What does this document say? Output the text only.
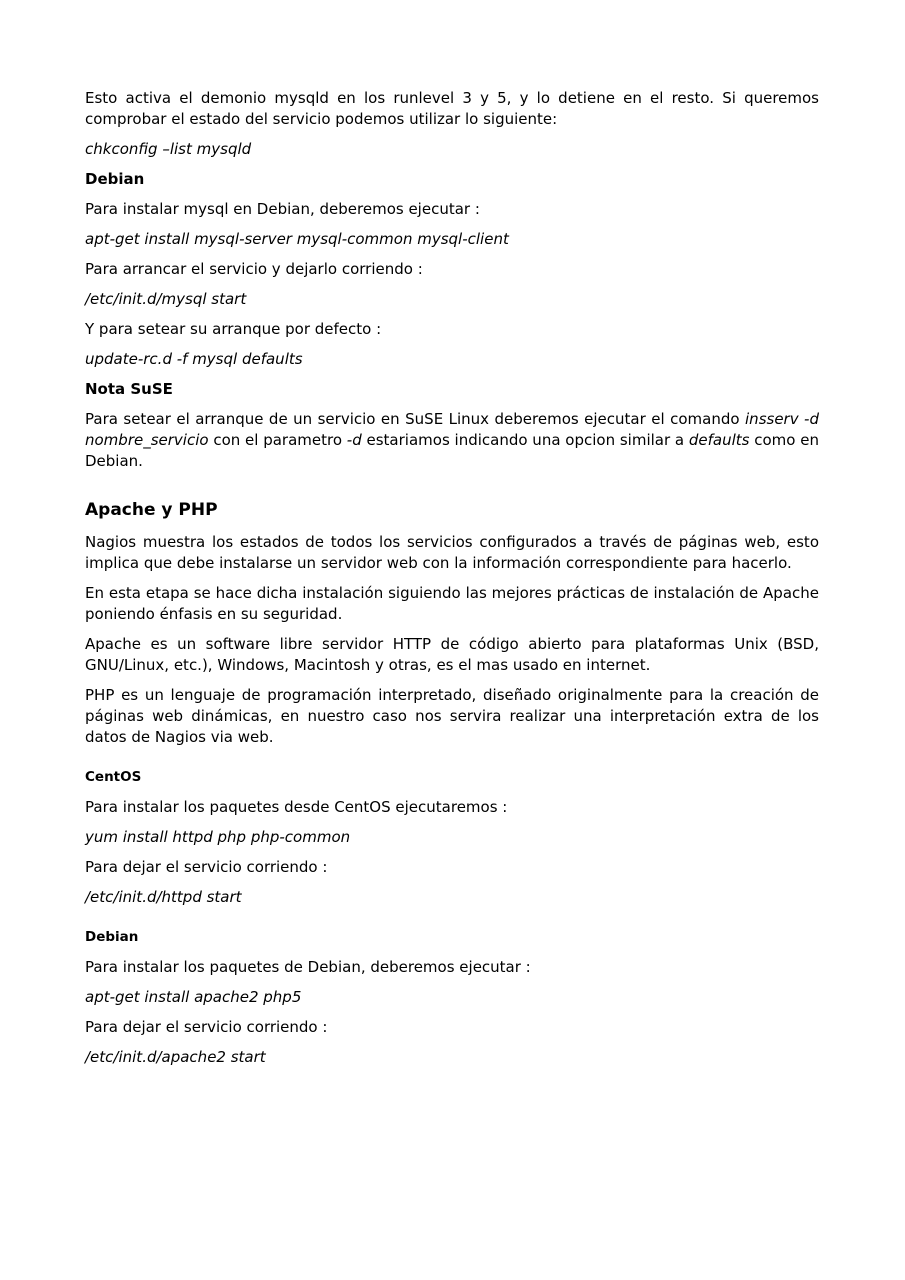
Esto activa el demonio mysqld en los runlevel 3 y 5, y lo detiene en el resto. Si queremos comprobar el estado del servicio podemos utilizar lo siguiente:

chkconfig –list mysqld

Debian

Para instalar mysql en Debian, deberemos ejecutar :

apt-get install mysql-server mysql-common mysql-client

Para arrancar el servicio y dejarlo corriendo :

/etc/init.d/mysql start

Y para setear su arranque por defecto :

update-rc.d -f mysql defaults

Nota SuSE

Para setear el arranque de un servicio en SuSE Linux deberemos ejecutar el comando insserv -d nombre_servicio con el parametro -d estariamos indicando una opcion similar a defaults como en Debian.

Apache y PHP

Nagios muestra los estados de todos los servicios configurados a través de páginas web, esto implica que debe instalarse un servidor web con la información correspondiente para hacerlo.

En esta etapa se hace dicha instalación siguiendo las mejores prácticas de instalación de Apache poniendo énfasis en su seguridad.

Apache es un software libre servidor HTTP de código abierto para plataformas Unix (BSD, GNU/Linux, etc.), Windows, Macintosh y otras, es el mas usado en internet.

PHP es un lenguaje de programación interpretado, diseñado originalmente para la creación de páginas web dinámicas, en nuestro caso nos servira realizar una interpretación extra de los datos de Nagios via web.

CentOS

Para instalar los paquetes desde CentOS ejecutaremos :

yum install httpd php php-common

Para dejar el servicio corriendo :

/etc/init.d/httpd start

Debian

Para instalar los paquetes de Debian, deberemos ejecutar :

apt-get install apache2 php5

Para dejar el servicio corriendo :

/etc/init.d/apache2 start
